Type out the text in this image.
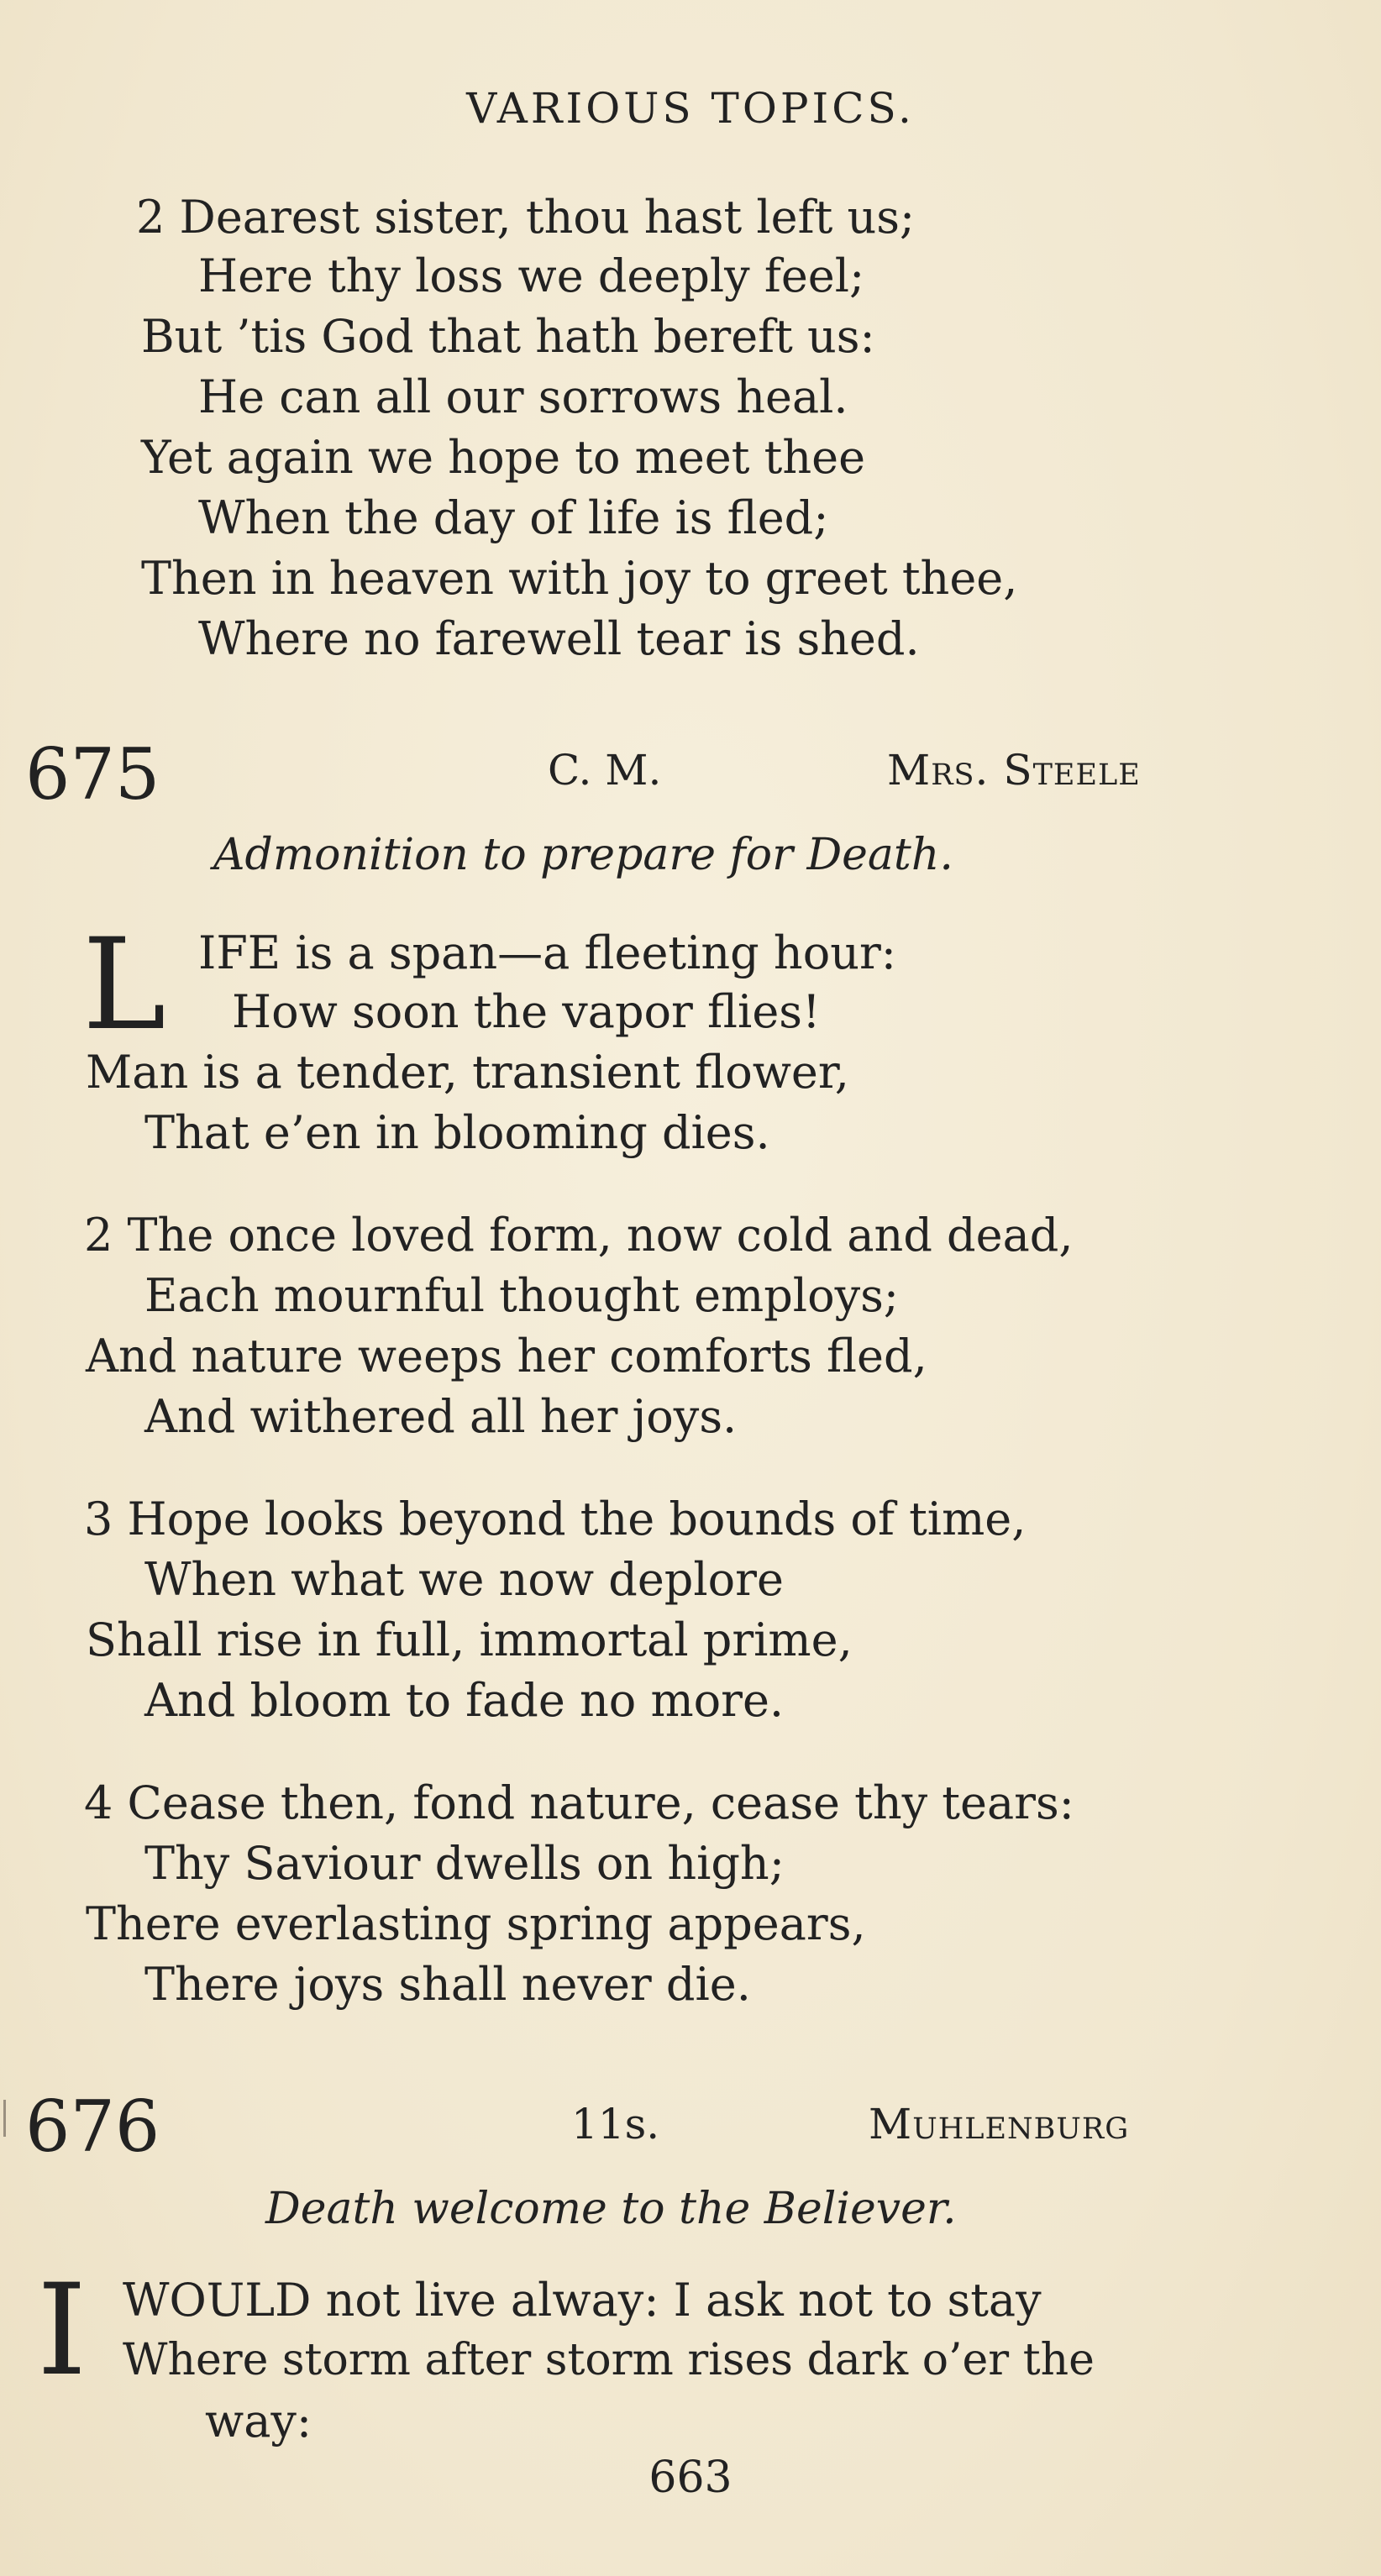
VARIOUS TOPICS.
2 Dearest sister, thou hast left us;
Here thy loss we deeply feel;
But ’tis God that hath bereft us:
He can all our sorrows heal.
Yet again we hope to meet thee
When the day of life is fled;
Then in heaven with joy to greet thee,
Where no farewell tear is shed.
675	C. M.	Mrs. Steele
Admonition to prepare for Death.
L IFE is a span—a fleeting hour:
How soon the vapor flies!
Man is a tender, transient flower,
That e’en in blooming dies.
2 The once loved form, now cold and dead,
Each mournful thought employs;
And nature weeps her comforts fled,
And withered all her joys.
3 Hope looks beyond the bounds of time,
When what we now deplore
Shall rise in full, immortal prime,
And bloom to fade no more.
4 Cease then, fond nature, cease thy tears:
Thy Saviour dwells on high;
There everlasting spring appears,
There joys shall never die.
676	11s.	Muhlenburg
Death welcome to the Believer.
I WOULD not live alway: I ask not to stay
Where storm after storm rises dark o’er the
way:
663
